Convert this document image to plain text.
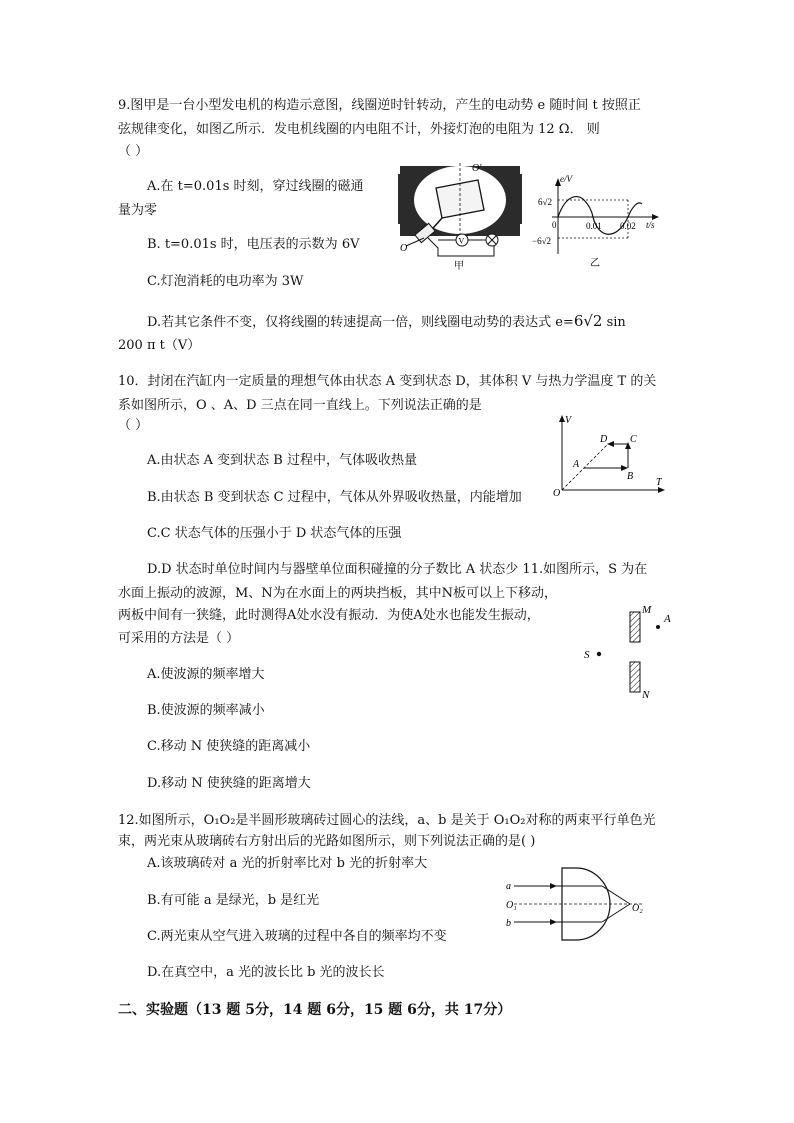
9.图甲是一台小型发电机的构造示意图，线圈逆时针转动，产生的电动势 e 随时间 t 按照正
弦规律变化，如图乙所示．发电机线圈的内电阻不计，外接灯泡的电阻为 12 Ω． 则
（ ）
A.在 t=0.01s 时刻，穿过线圈的磁通
量为零
B. t=0.01s 时，电压表的示数为 6V
C.灯泡消耗的电功率为 3W
D.若其它条件不变，仅将线圈的转速提高一倍，则线圈电动势的表达式 e=6√2 sin
200 π t（V）
O
O′
V
甲
e/V
t/s
6√2
−6√2
0	0.01 0.02
乙
10．封闭在汽缸内一定质量的理想气体由状态 A 变到状态 D，其体积 V 与热力学温度 T 的关
系如图所示，O 、A、D 三点在同一直线上。下列说法正确的是
（ ）
A.由状态 A 变到状态 B 过程中，气体吸收热量
B.由状态 B 变到状态 C 过程中，气体从外界吸收热量，内能增加
C.C 状态气体的压强小于 D 状态气体的压强
D.D 状态时单位时间内与器壁单位面积碰撞的分子数比 A 状态少 11.如图所示，S 为在
V
T
O
A
B
C
D
水面上振动的波源，M、N为在水面上的两块挡板，其中N板可以上下移动，
两板中间有一狭缝，此时测得A处水没有振动．为使A处水也能发生振动，
可采用的方法是（ ）
A.使波源的频率增大
B.使波源的频率减小
C.移动 N 使狭缝的距离减小
D.移动 N 使狭缝的距离增大
M
N
A
S
12.如图所示，O₁O₂是半圆形玻璃砖过圆心的法线，a、b 是关于 O₁O₂对称的两束平行单色光
束，两光束从玻璃砖右方射出后的光路如图所示，则下列说法正确的是( )
A.该玻璃砖对 a 光的折射率比对 b 光的折射率大
B.有可能 a 是绿光，b 是红光
C.两光束从空气进入玻璃的过程中各自的频率均不变
D.在真空中，a 光的波长比 b 光的波长长
a
O₁
b
O₂
二、实验题（13 题 5分，14 题 6分，15 题 6分，共 17分）
